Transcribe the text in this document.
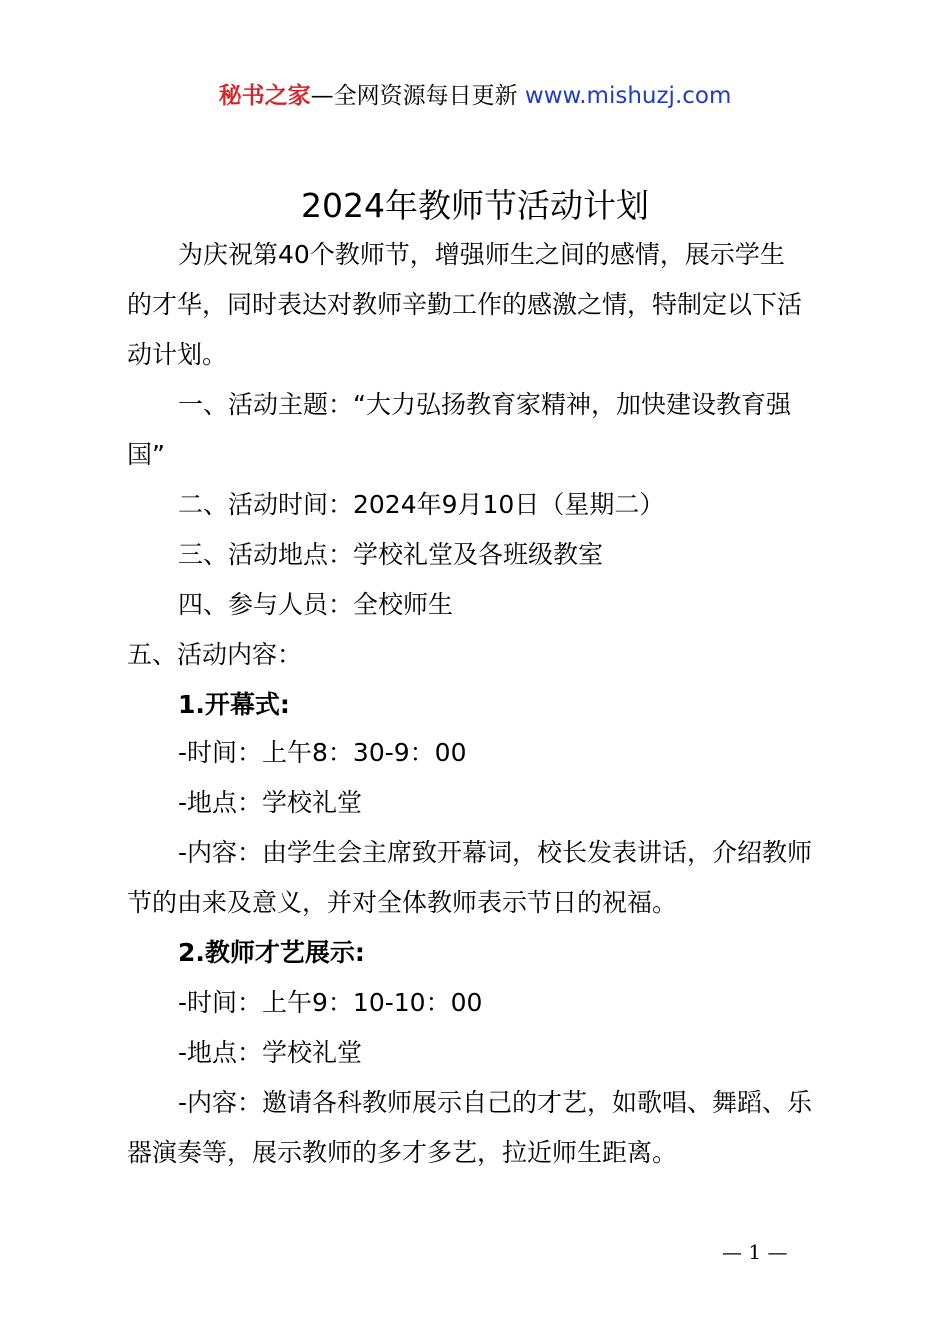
秘书之家—全网资源每日更新 www.mishuzj.com
2024年教师节活动计划
为庆祝第40个教师节，增强师生之间的感情，展示学生
的才华，同时表达对教师辛勤工作的感激之情，特制定以下活
动计划。
一、活动主题：“大力弘扬教育家精神，加快建设教育强
国”
二、活动时间：2024年9月10日（星期二）
三、活动地点：学校礼堂及各班级教室
四、参与人员：全校师生
五、活动内容：
1.开幕式:
-时间：上午8：30-9：00
-地点：学校礼堂
-内容：由学生会主席致开幕词，校长发表讲话，介绍教师
节的由来及意义，并对全体教师表示节日的祝福。
2.教师才艺展示:
-时间：上午9：10-10：00
-地点：学校礼堂
-内容：邀请各科教师展示自己的才艺，如歌唱、舞蹈、乐
器演奏等，展示教师的多才多艺，拉近师生距离。
— 1 —
